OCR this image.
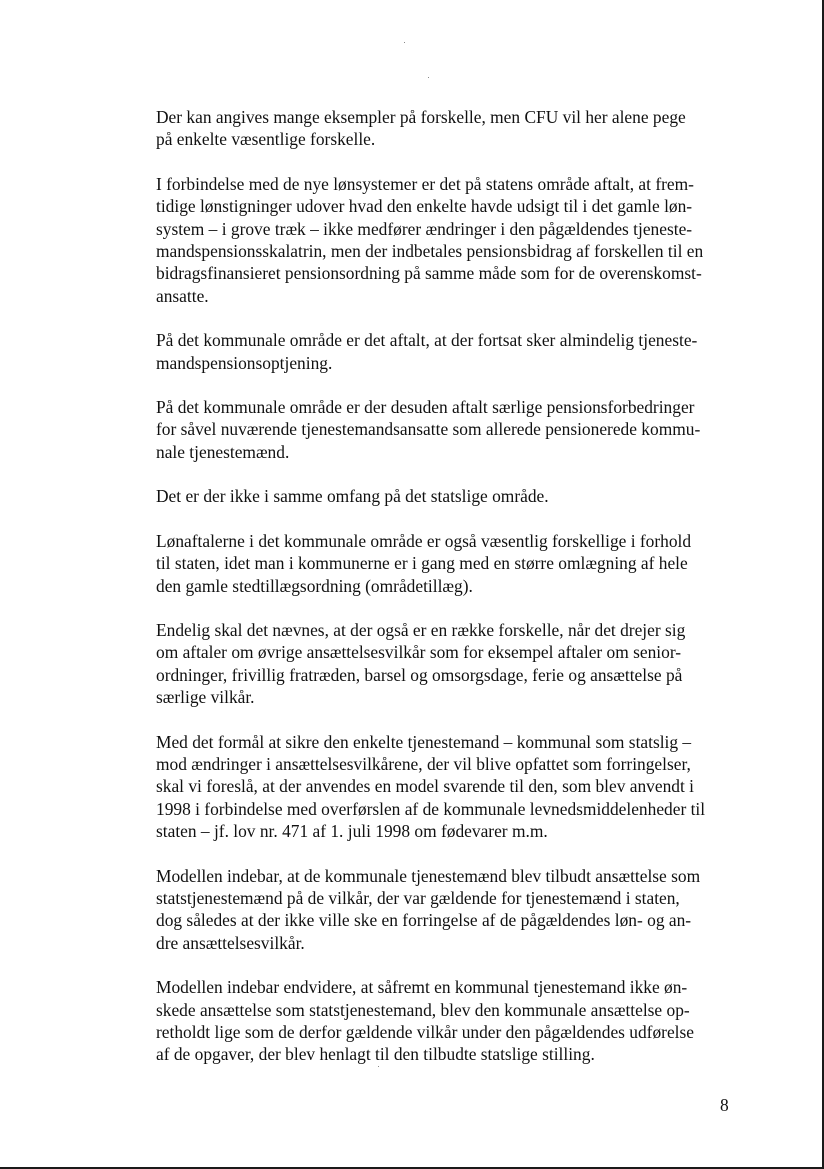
Der kan angives mange eksempler på forskelle, men CFU vil her alene pege
på enkelte væsentlige forskelle.

I forbindelse med de nye lønsystemer er det på statens område aftalt, at frem-
tidige lønstigninger udover hvad den enkelte havde udsigt til i det gamle løn-
system – i grove træk – ikke medfører ændringer i den pågældendes tjeneste-
mandspensionsskalatrin, men der indbetales pensionsbidrag af forskellen til en
bidragsfinansieret pensionsordning på samme måde som for de overenskomst-
ansatte.

På det kommunale område er det aftalt, at der fortsat sker almindelig tjeneste-
mandspensionsoptjening.

På det kommunale område er der desuden aftalt særlige pensionsforbedringer
for såvel nuværende tjenestemandsansatte som allerede pensionerede kommu-
nale tjenestemænd.

Det er der ikke i samme omfang på det statslige område.

Lønaftalerne i det kommunale område er også væsentlig forskellige i forhold
til staten, idet man i kommunerne er i gang med en større omlægning af hele
den gamle stedtillægsordning (områdetillæg).

Endelig skal det nævnes, at der også er en række forskelle, når det drejer sig
om aftaler om øvrige ansættelsesvilkår som for eksempel aftaler om senior-
ordninger, frivillig fratræden, barsel og omsorgsdage, ferie og ansættelse på
særlige vilkår.

Med det formål at sikre den enkelte tjenestemand – kommunal som statslig –
mod ændringer i ansættelsesvilkårene, der vil blive opfattet som forringelser,
skal vi foreslå, at der anvendes en model svarende til den, som blev anvendt i
1998 i forbindelse med overførslen af de kommunale levnedsmiddelenheder til
staten – jf. lov nr. 471 af 1. juli 1998 om fødevarer m.m.

Modellen indebar, at de kommunale tjenestemænd blev tilbudt ansættelse som
statstjenestemænd på de vilkår, der var gældende for tjenestemænd i staten,
dog således at der ikke ville ske en forringelse af de pågældendes løn- og an-
dre ansættelsesvilkår.

Modellen indebar endvidere, at såfremt en kommunal tjenestemand ikke øn-
skede ansættelse som statstjenestemand, blev den kommunale ansættelse op-
retholdt lige som de derfor gældende vilkår under den pågældendes udførelse
af de opgaver, der blev henlagt til den tilbudte statslige stilling.

8
